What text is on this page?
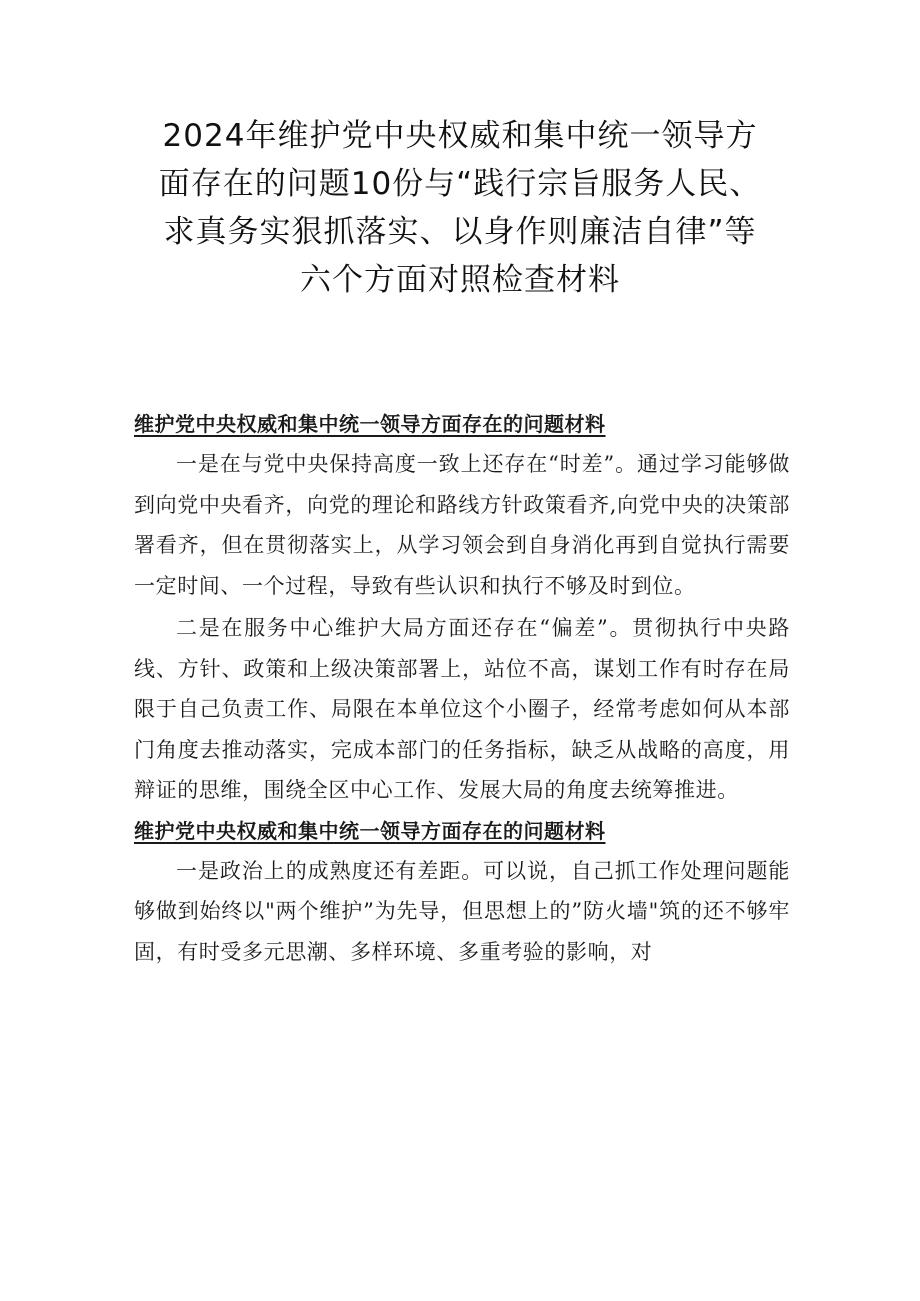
2024年维护党中央权威和集中统一领导方
面存在的问题10份与“践行宗旨服务人民、
求真务实狠抓落实、以身作则廉洁自律”等
六个方面对照检查材料
维护党中央权威和集中统一领导方面存在的问题材料

一是在与党中央保持高度一致上还存在“时差”。通过学习能够做到向党中央看齐，向党的理论和路线方针政策看齐,向党中央的决策部署看齐，但在贯彻落实上，从学习领会到自身消化再到自觉执行需要一定时间、一个过程，导致有些认识和执行不够及时到位。

二是在服务中心维护大局方面还存在“偏差”。贯彻执行中央路线、方针、政策和上级决策部署上，站位不高，谋划工作有时存在局限于自己负责工作、局限在本单位这个小圈子，经常考虑如何从本部门角度去推动落实，完成本部门的任务指标，缺乏从战略的高度，用辩证的思维，围绕全区中心工作、发展大局的角度去统筹推进。

维护党中央权威和集中统一领导方面存在的问题材料

一是政治上的成熟度还有差距。可以说，自己抓工作处理问题能够做到始终以"两个维护”为先导，但思想上的”防火墙"筑的还不够牢固，有时受多元思潮、多样环境、多重考验的影响，对
